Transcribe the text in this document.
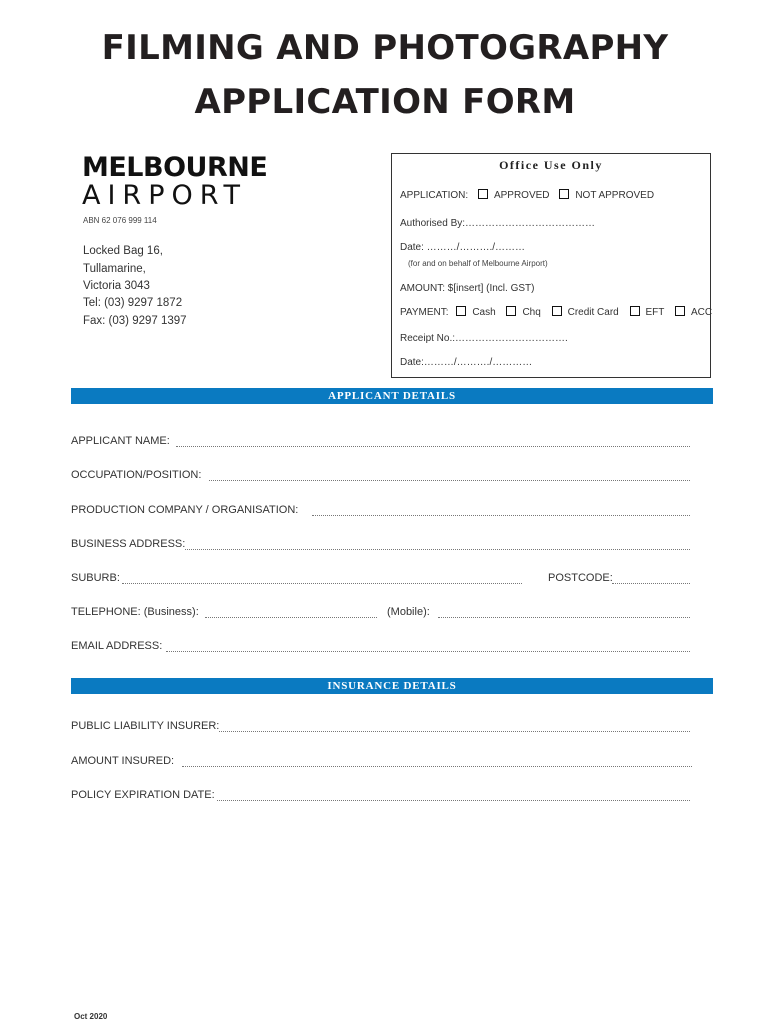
FILMING AND PHOTOGRAPHY
APPLICATION FORM
MELBOURNE
AIRPORT
ABN 62 076 999 114
Locked Bag 16,
Tullamarine,
Victoria 3043
Tel: (03) 9297 1872
Fax: (03) 9297 1397
Office Use Only
APPLICATION:	APPROVED	NOT APPROVED
Authorised By:…………………………………
Date: ………/………./………
(for and on behalf of Melbourne Airport)
AMOUNT: $[insert] (Incl. GST)
PAYMENT: Cash	Chq	Credit Card	EFT	ACC
Receipt No.:…………………………….
Date:………/………./…………
APPLICANT DETAILS
APPLICANT NAME:
OCCUPATION/POSITION:
PRODUCTION COMPANY / ORGANISATION:
BUSINESS ADDRESS:
SUBURB:	POSTCODE:
TELEPHONE: (Business):	(Mobile):
EMAIL ADDRESS:
INSURANCE DETAILS
PUBLIC LIABILITY INSURER:
AMOUNT INSURED:
POLICY EXPIRATION DATE:
Oct 2020
